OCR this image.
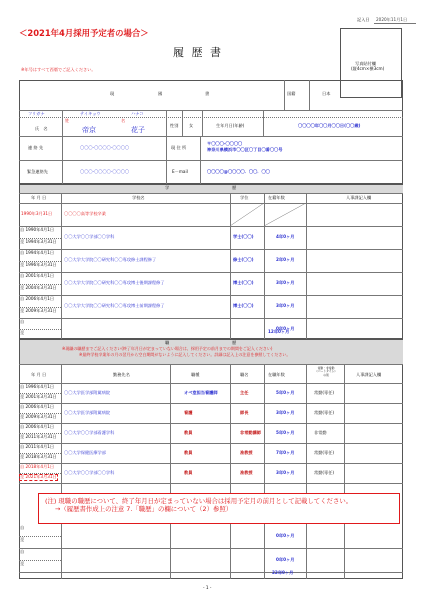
記入日 2020年11月1日
＜2021年4月採用予定者の場合＞
履 歴 書
※年号はすべて西暦でご記入ください。
写真貼付欄
(縦4cm×横3cm)
現	國	書	国籍	日本
フリガナ	テイキョウ	ハナコ
氏　名
姓
帝京
名
花子
性別	女	生年月日(年齢)	〇〇〇〇年〇〇月〇〇日(〇〇歳)
連 絡 先	〇〇〇-〇〇〇〇-〇〇〇〇	現 住 所
〒〇〇〇-〇〇〇〇
神奈川県横浜市〇〇区〇丁目〇番〇〇号
緊急連絡先	〇〇〇-〇〇〇〇-〇〇〇〇	E－mail	〇〇〇〇@〇〇〇〇．〇〇．〇〇
学　　　　　　　　　　　　　　　歴
年 月 日	学校名	学位	在籍年数	人事課記入欄
1990年3月31日	〇〇〇〇高等学校卒業
自 1990年4月1日
至 1994年3月31日
〇〇大学〇〇学部〇〇学科	学士(〇〇)	4年0ヶ月
自 1994年4月1日
至 1996年3月31日
〇〇大学大学院〇〇研究科〇〇専攻修士課程修了	修士(〇〇)	2年0ヶ月
自 2001年4月1日
至 2004年3月31日
〇〇大学大学院〇〇研究科〇〇専攻博士後期課程修了	博士(〇〇)	3年0ヶ月
自 2006年4月1日
至 2009年3月31日
〇〇大学大学院〇〇研究科〇〇専攻博士前期課程修了	博士(〇〇)	3年0ヶ月
自
至
0年0ヶ月
12年0ヶ月
職　　　　　　　　　　　　　　　歴
※現職の職歴までご記入ください(終了年月日が定まっていない場合は、採用予定の前月までの期間をご記入ください)
※最終学校卒業年の月の翌月から空白期間がないように記入してください。詳細は記入上の注意を参照してください。
年 月 日	勤務先名	職種	職名	在職年数
常勤・非常勤
(パートタイム)
の別	人事課記入欄
自 1996年4月1日
至 2001年3月31日
〇〇大学医学部附属病院	オペ室担当看護師	主任	5年0ヶ月	常勤(専任)
自 2006年4月1日
至 2009年3月31日
〇〇大学医学部附属病院	看護	師長	3年0ヶ月	常勤(専任)
自 2006年4月1日
至 2011年3月31日
〇〇大学〇〇学部看護学科	教員	非常勤講師	5年0ヶ月	非常勤
自 2011年4月1日
至 2018年3月31日
〇〇大学保健医療学部	教員	准教授	7年0ヶ月	常勤(専任)
自 2018年4月1日
至 2021年3月31日
〇〇大学〇〇学部〇〇学科	教員	准教授	3年0ヶ月	常勤(専任)
自
至
0年0ヶ月
自
至
0年0ヶ月
22年0ヶ月
(注) 現職の職歴について、終了年月日が定まっていない場合は採用予定月の前月として記載してください。
→（履歴書作成上の注意 7.「職歴」の欄について（2）参照）
- 1 -
